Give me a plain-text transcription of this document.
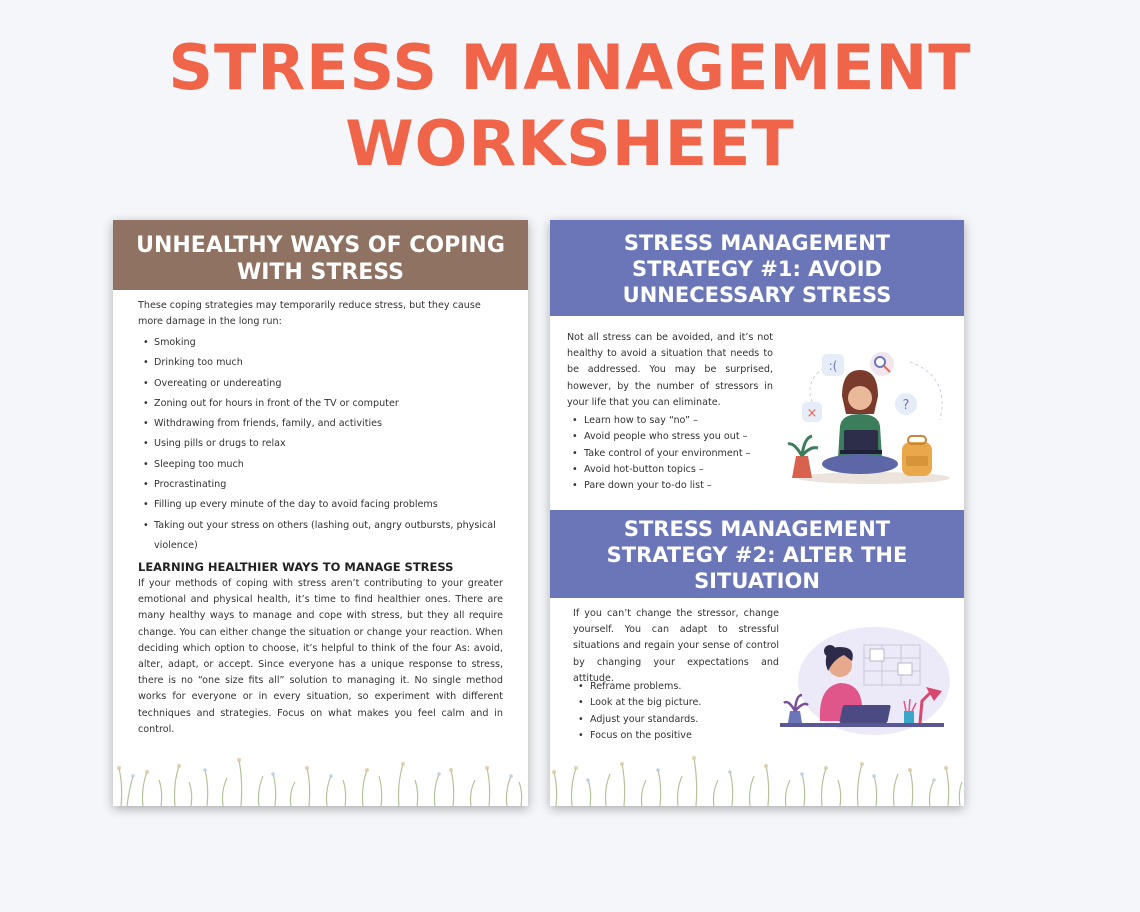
STRESS MANAGEMENT
WORKSHEET
UNHEALTHY WAYS OF COPING
WITH STRESS

These coping strategies may temporarily reduce stress, but they cause more damage in the long run:

• Smoking
• Drinking too much
• Overeating or undereating
• Zoning out for hours in front of the TV or computer
• Withdrawing from friends, family, and activities
• Using pills or drugs to relax
• Sleeping too much
• Procrastinating
• Filling up every minute of the day to avoid facing problems
• Taking out your stress on others (lashing out, angry outbursts, physical violence)
LEARNING HEALTHIER WAYS TO MANAGE STRESS

If your methods of coping with stress aren’t contributing to your greater emotional and physical health, it’s time to find healthier ones. There are many healthy ways to manage and cope with stress, but they all require change. You can either change the situation or change your reaction. When deciding which option to choose, it’s helpful to think of the four As: avoid, alter, adapt, or accept. Since everyone has a unique response to stress, there is no “one size fits all” solution to managing it. No single method works for everyone or in every situation, so experiment with different techniques and strategies. Focus on what makes you feel calm and in control.

STRESS MANAGEMENT
STRATEGY #1: AVOID
UNNECESSARY STRESS

Not all stress can be avoided, and it’s not healthy to avoid a situation that needs to be addressed. You may be surprised, however, by the number of stressors in your life that you can eliminate.

• Learn how to say “no” –
• Avoid people who stress you out –
• Take control of your environment –
• Avoid hot-button topics –
• Pare down your to-do list –
:(
×
?
STRESS MANAGEMENT
STRATEGY #2: ALTER THE
SITUATION

If you can’t change the stressor, change yourself. You can adapt to stressful situations and regain your sense of control by changing your expectations and attitude.

• Reframe problems.
• Look at the big picture.
• Adjust your standards.
• Focus on the positive
